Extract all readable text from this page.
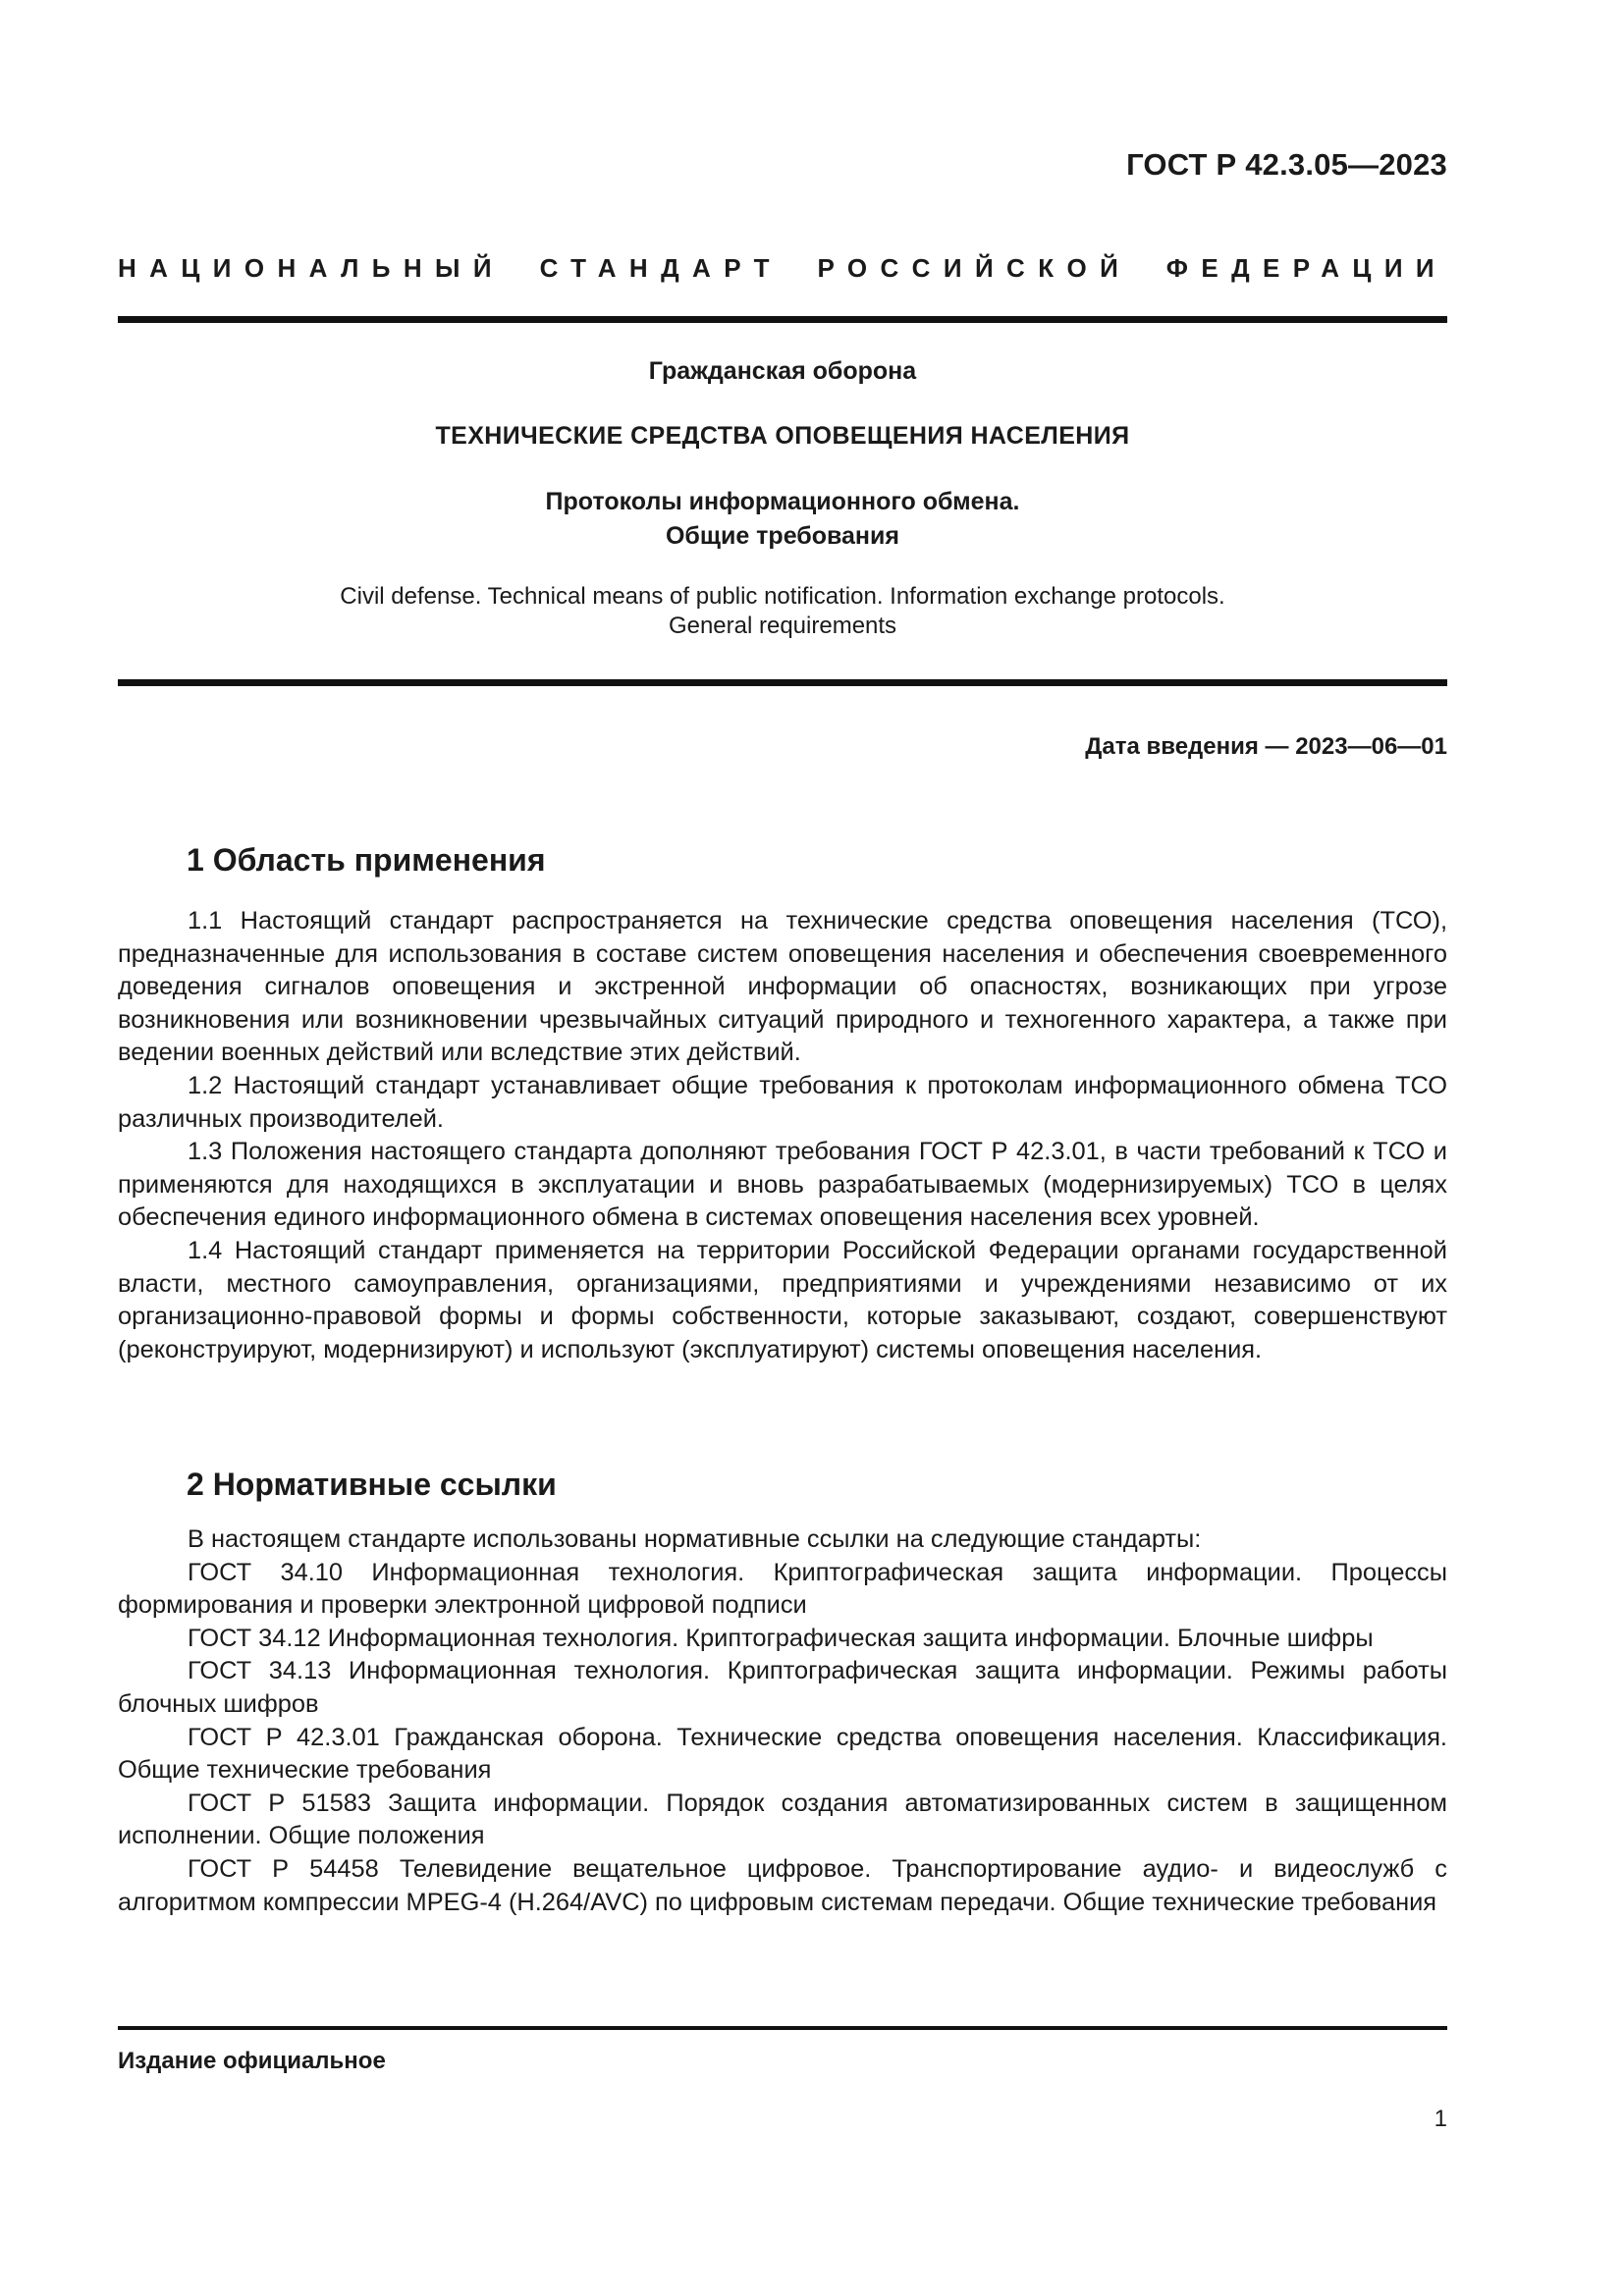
ГОСТ Р 42.3.05—2023
НАЦИОНАЛЬНЫЙ СТАНДАРТ РОССИЙСКОЙ ФЕДЕРАЦИИ
Гражданская оборона
ТЕХНИЧЕСКИЕ СРЕДСТВА ОПОВЕЩЕНИЯ НАСЕЛЕНИЯ
Протоколы информационного обмена.
Общие требования
Civil defense. Technical means of public notification. Information exchange protocols.
General requirements
Дата введения — 2023—06—01
1 Область применения

1.1 Настоящий стандарт распространяется на технические средства оповещения населения (ТСО), предназначенные для использования в составе систем оповещения населения и обеспечения своевременного доведения сигналов оповещения и экстренной информации об опасностях, возникающих при угрозе возникновения или возникновении чрезвычайных ситуаций природного и техногенного характера, а также при ведении военных действий или вследствие этих действий.

1.2 Настоящий стандарт устанавливает общие требования к протоколам информационного обмена ТСО различных производителей.

1.3 Положения настоящего стандарта дополняют требования ГОСТ Р 42.3.01, в части требований к ТСО и применяются для находящихся в эксплуатации и вновь разрабатываемых (модернизируемых) ТСО в целях обеспечения единого информационного обмена в системах оповещения населения всех уровней.

1.4 Настоящий стандарт применяется на территории Российской Федерации органами государственной власти, местного самоуправления, организациями, предприятиями и учреждениями независимо от их организационно-правовой формы и формы собственности, которые заказывают, создают, совершенствуют (реконструируют, модернизируют) и используют (эксплуатируют) системы оповещения населения.

2 Нормативные ссылки

В настоящем стандарте использованы нормативные ссылки на следующие стандарты:

ГОСТ 34.10 Информационная технология. Криптографическая защита информации. Процессы формирования и проверки электронной цифровой подписи

ГОСТ 34.12 Информационная технология. Криптографическая защита информации. Блочные шифры

ГОСТ 34.13 Информационная технология. Криптографическая защита информации. Режимы работы блочных шифров

ГОСТ Р 42.3.01 Гражданская оборона. Технические средства оповещения населения. Классификация. Общие технические требования

ГОСТ Р 51583 Защита информации. Порядок создания автоматизированных систем в защищенном исполнении. Общие положения

ГОСТ Р 54458 Телевидение вещательное цифровое. Транспортирование аудио- и видеослужб с алгоритмом компрессии MPEG-4 (H.264/AVC) по цифровым системам передачи. Общие технические требования

Издание официальное
1
